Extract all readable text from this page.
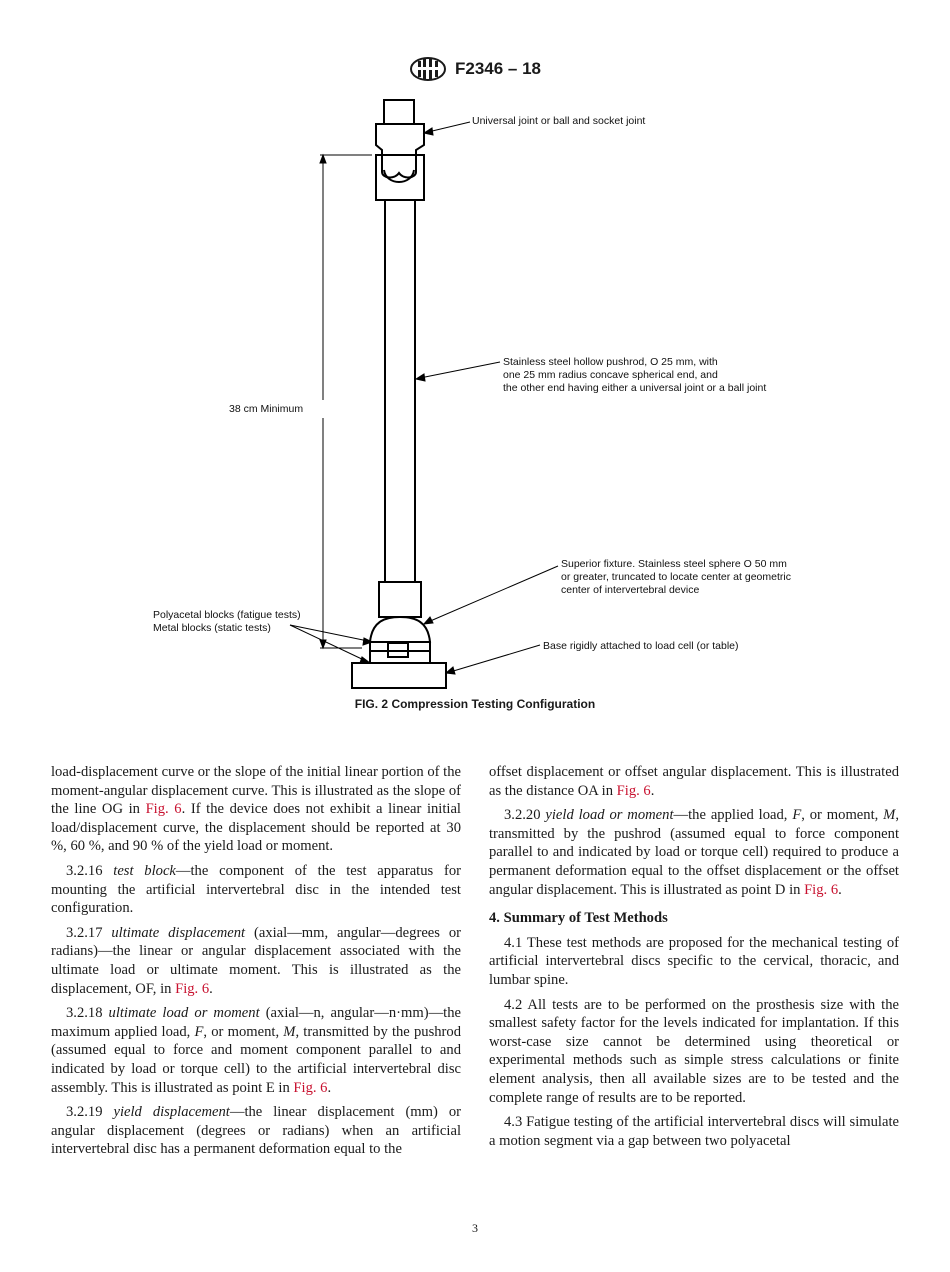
F2346 – 18
Universal joint or ball and socket joint
Stainless steel hollow pushrod, O 25 mm, with
one 25 mm radius concave spherical end, and
the other end having either a universal joint or a ball joint
38 cm Minimum
Superior fixture. Stainless steel sphere O 50 mm
or greater, truncated to locate center at geometric
center of intervertebral device
Polyacetal blocks (fatigue tests)
Metal blocks (static tests)
Base rigidly attached to load cell (or table)
FIG. 2 Compression Testing Configuration

load-displacement curve or the slope of the initial linear portion of the moment-angular displacement curve. This is illustrated as the slope of the line OG in Fig. 6. If the device does not exhibit a linear initial load/displacement curve, the displacement should be reported at 30 %, 60 %, and 90 % of the yield load or moment.

3.2.16 test block—the component of the test apparatus for mounting the artificial intervertebral disc in the intended test configuration.

3.2.17 ultimate displacement (axial—mm, angular—degrees or radians)—the linear or angular displacement associated with the ultimate load or ultimate moment. This is illustrated as the displacement, OF, in Fig. 6.

3.2.18 ultimate load or moment (axial—n, angular—n·mm)—the maximum applied load, F, or moment, M, transmitted by the pushrod (assumed equal to force and moment component parallel to and indicated by load or torque cell) to the artificial intervertebral disc assembly. This is illustrated as point E in Fig. 6.

3.2.19 yield displacement—the linear displacement (mm) or angular displacement (degrees or radians) when an artificial intervertebral disc has a permanent deformation equal to the

offset displacement or offset angular displacement. This is illustrated as the distance OA in Fig. 6.

3.2.20 yield load or moment—the applied load, F, or moment, M, transmitted by the pushrod (assumed equal to force component parallel to and indicated by load or torque cell) required to produce a permanent deformation equal to the offset displacement or the offset angular displacement. This is illustrated as point D in Fig. 6.

4. Summary of Test Methods

4.1 These test methods are proposed for the mechanical testing of artificial intervertebral discs specific to the cervical, thoracic, and lumbar spine.

4.2 All tests are to be performed on the prosthesis size with the smallest safety factor for the levels indicated for implantation. If this worst-case size cannot be determined using theoretical or experimental methods such as simple stress calculations or finite element analysis, then all available sizes are to be tested and the complete range of results are to be reported.

4.3 Fatigue testing of the artificial intervertebral discs will simulate a motion segment via a gap between two polyacetal

3
